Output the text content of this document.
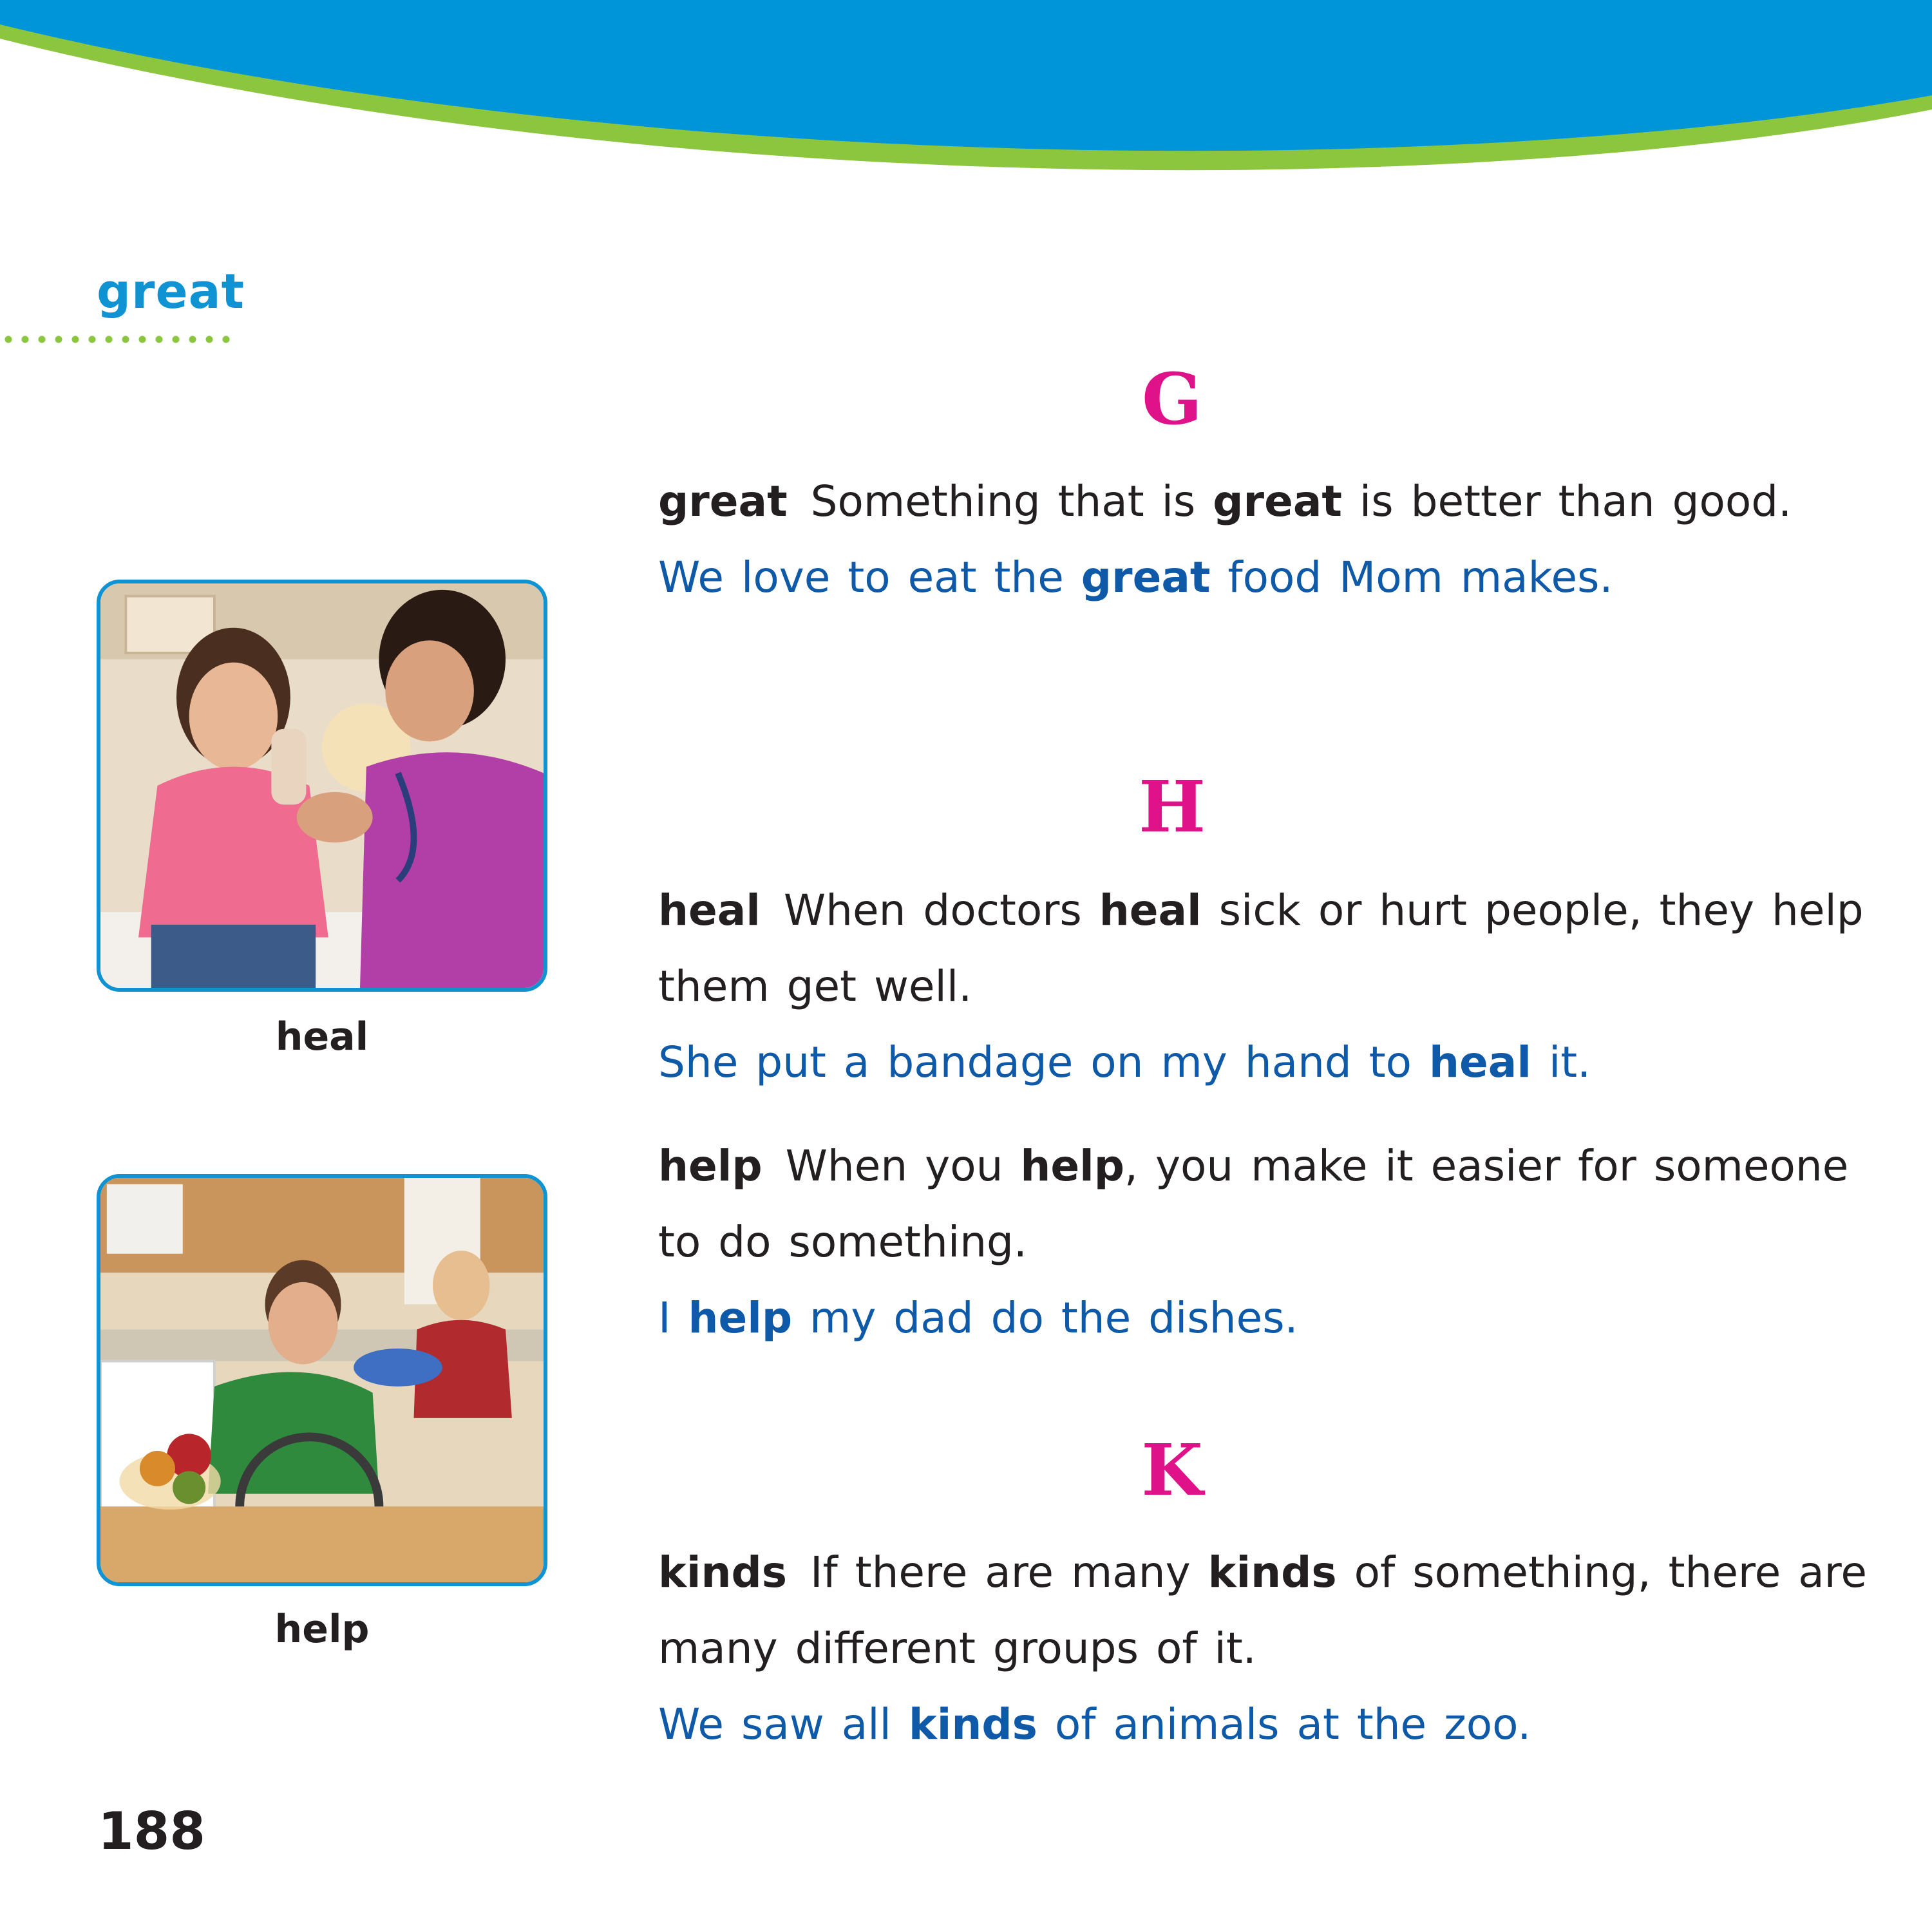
great
heal
help
G
great Something that is great is better than good.
We love to eat the great food Mom makes.
H
heal When doctors heal sick or hurt people, they help them get well.
She put a bandage on my hand to heal it.
help When you help, you make it easier for someone to do something.
I help my dad do the dishes.
K
kinds If there are many kinds of something, there are many different groups of it.
We saw all kinds of animals at the zoo.
188
